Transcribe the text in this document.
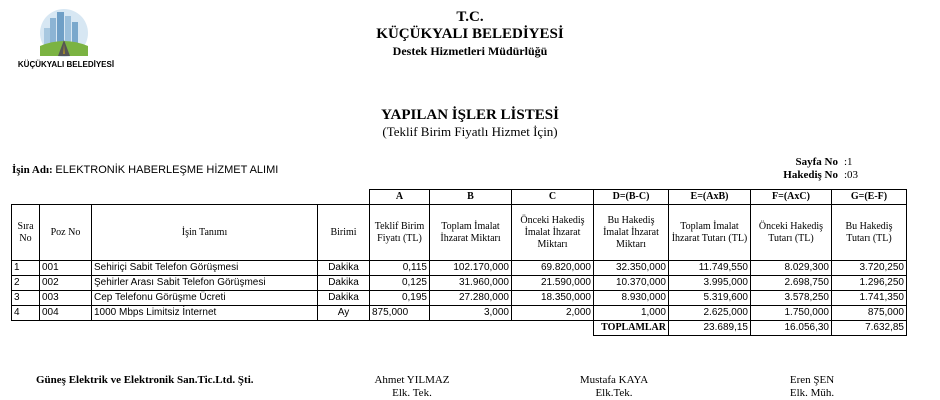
KÜÇÜKYALI BELEDİYESİ
T.C.
KÜÇÜKYALI BELEDİYESİ
Destek Hizmetleri Müdürlüğü
YAPILAN İŞLER LİSTESİ
(Teklif Birim Fiyatlı Hizmet İçin)
İşin Adı: ELEKTRONİK HABERLEŞME HİZMET ALIMI
Sayfa No :1
Hakediş No :03
				A	B	C	D=(B-C)	E=(AxB)	F=(AxC)	G=(E-F)
Sıra No	Poz No	İşin Tanımı	Birimi	Teklif Birim Fiyatı (TL)	Toplam İmalat İhzarat Miktarı	Önceki Hakediş İmalat İhzarat Miktarı	Bu Hakediş İmalat İhzarat Miktarı	Toplam İmalat İhzarat Tutarı (TL)	Önceki Hakediş Tutarı (TL)	Bu Hakediş Tutarı (TL)
1	001	Sehiriçi Sabit Telefon Görüşmesi	Dakika	0,115	102.170,000	69.820,000	32.350,000	11.749,550	8.029,300	3.720,250
2	002	Şehirler Arası Sabit Telefon Görüşmesi	Dakika	0,125	31.960,000	21.590,000	10.370,000	3.995,000	2.698,750	1.296,250
3	003	Cep Telefonu Görüşme Ücreti	Dakika	0,195	27.280,000	18.350,000	8.930,000	5.319,600	3.578,250	1.741,350
4	004	1000 Mbps Limitsiz İnternet	Ay	875,000	3,000	2,000	1,000	2.625,000	1.750,000	875,000
							TOPLAMLAR	23.689,15	16.056,30	7.632,85
Güneş Elektrik ve Elektronik San.Tic.Ltd. Şti.	Ahmet YILMAZ
Elk. Tek.
Mustafa KAYA
Elk.Tek.
Eren ŞEN
Elk. Müh.
